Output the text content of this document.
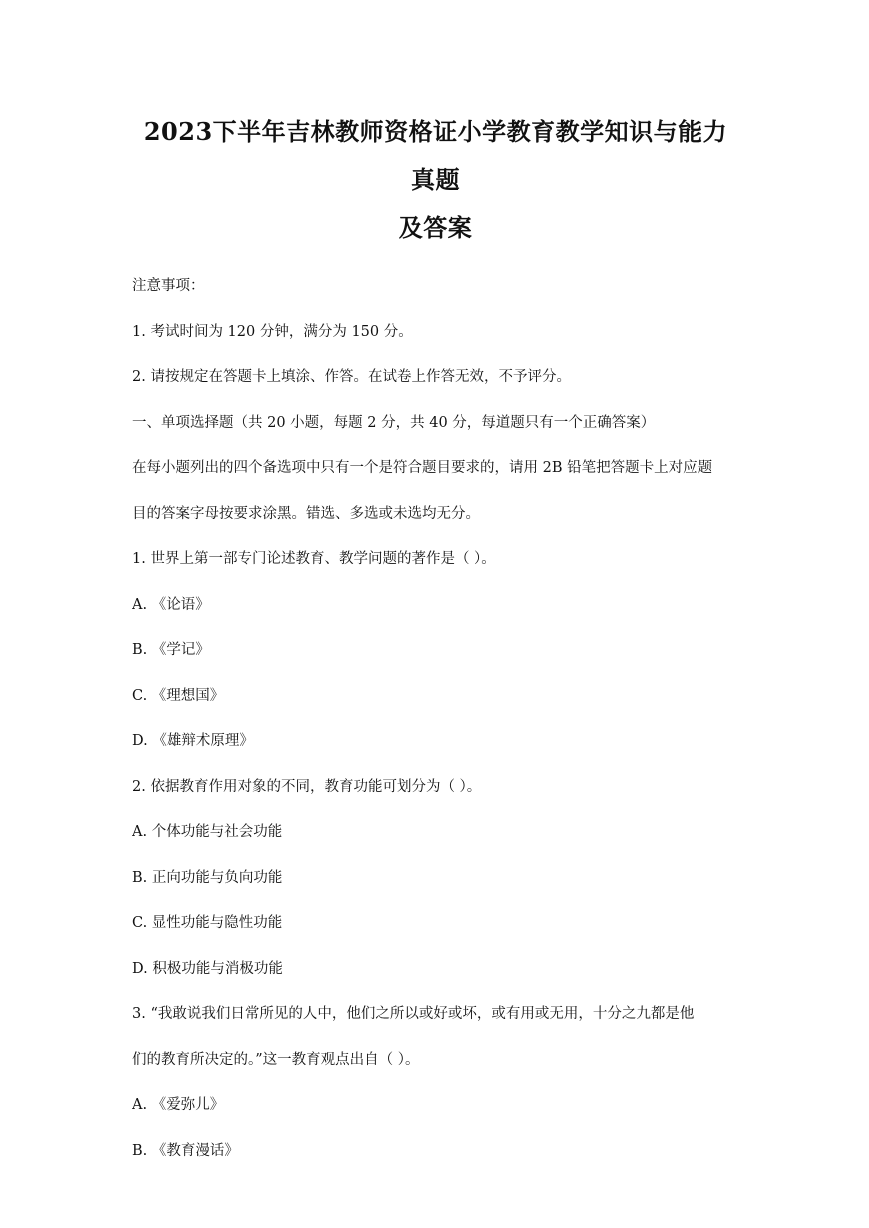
2023下半年吉林教师资格证小学教育教学知识与能力真题
及答案
注意事项：
1. 考试时间为 120 分钟，满分为 150 分。
2. 请按规定在答题卡上填涂、作答。在试卷上作答无效，不予评分。
一、单项选择题（共 20 小题，每题 2 分，共 40 分，每道题只有一个正确答案）
在每小题列出的四个备选项中只有一个是符合题目要求的，请用 2B 铅笔把答题卡上对应题
目的答案字母按要求涂黑。错选、多选或未选均无分。
1. 世界上第一部专门论述教育、教学问题的著作是（ ）。
A. 《论语》
B. 《学记》
C. 《理想国》
D. 《雄辩术原理》
2. 依据教育作用对象的不同，教育功能可划分为（ ）。
A. 个体功能与社会功能
B. 正向功能与负向功能
C. 显性功能与隐性功能
D. 积极功能与消极功能
3. “我敢说我们日常所见的人中，他们之所以或好或坏，或有用或无用，十分之九都是他
们的教育所决定的。”这一教育观点出自（ ）。
A. 《爱弥儿》
B. 《教育漫话》
